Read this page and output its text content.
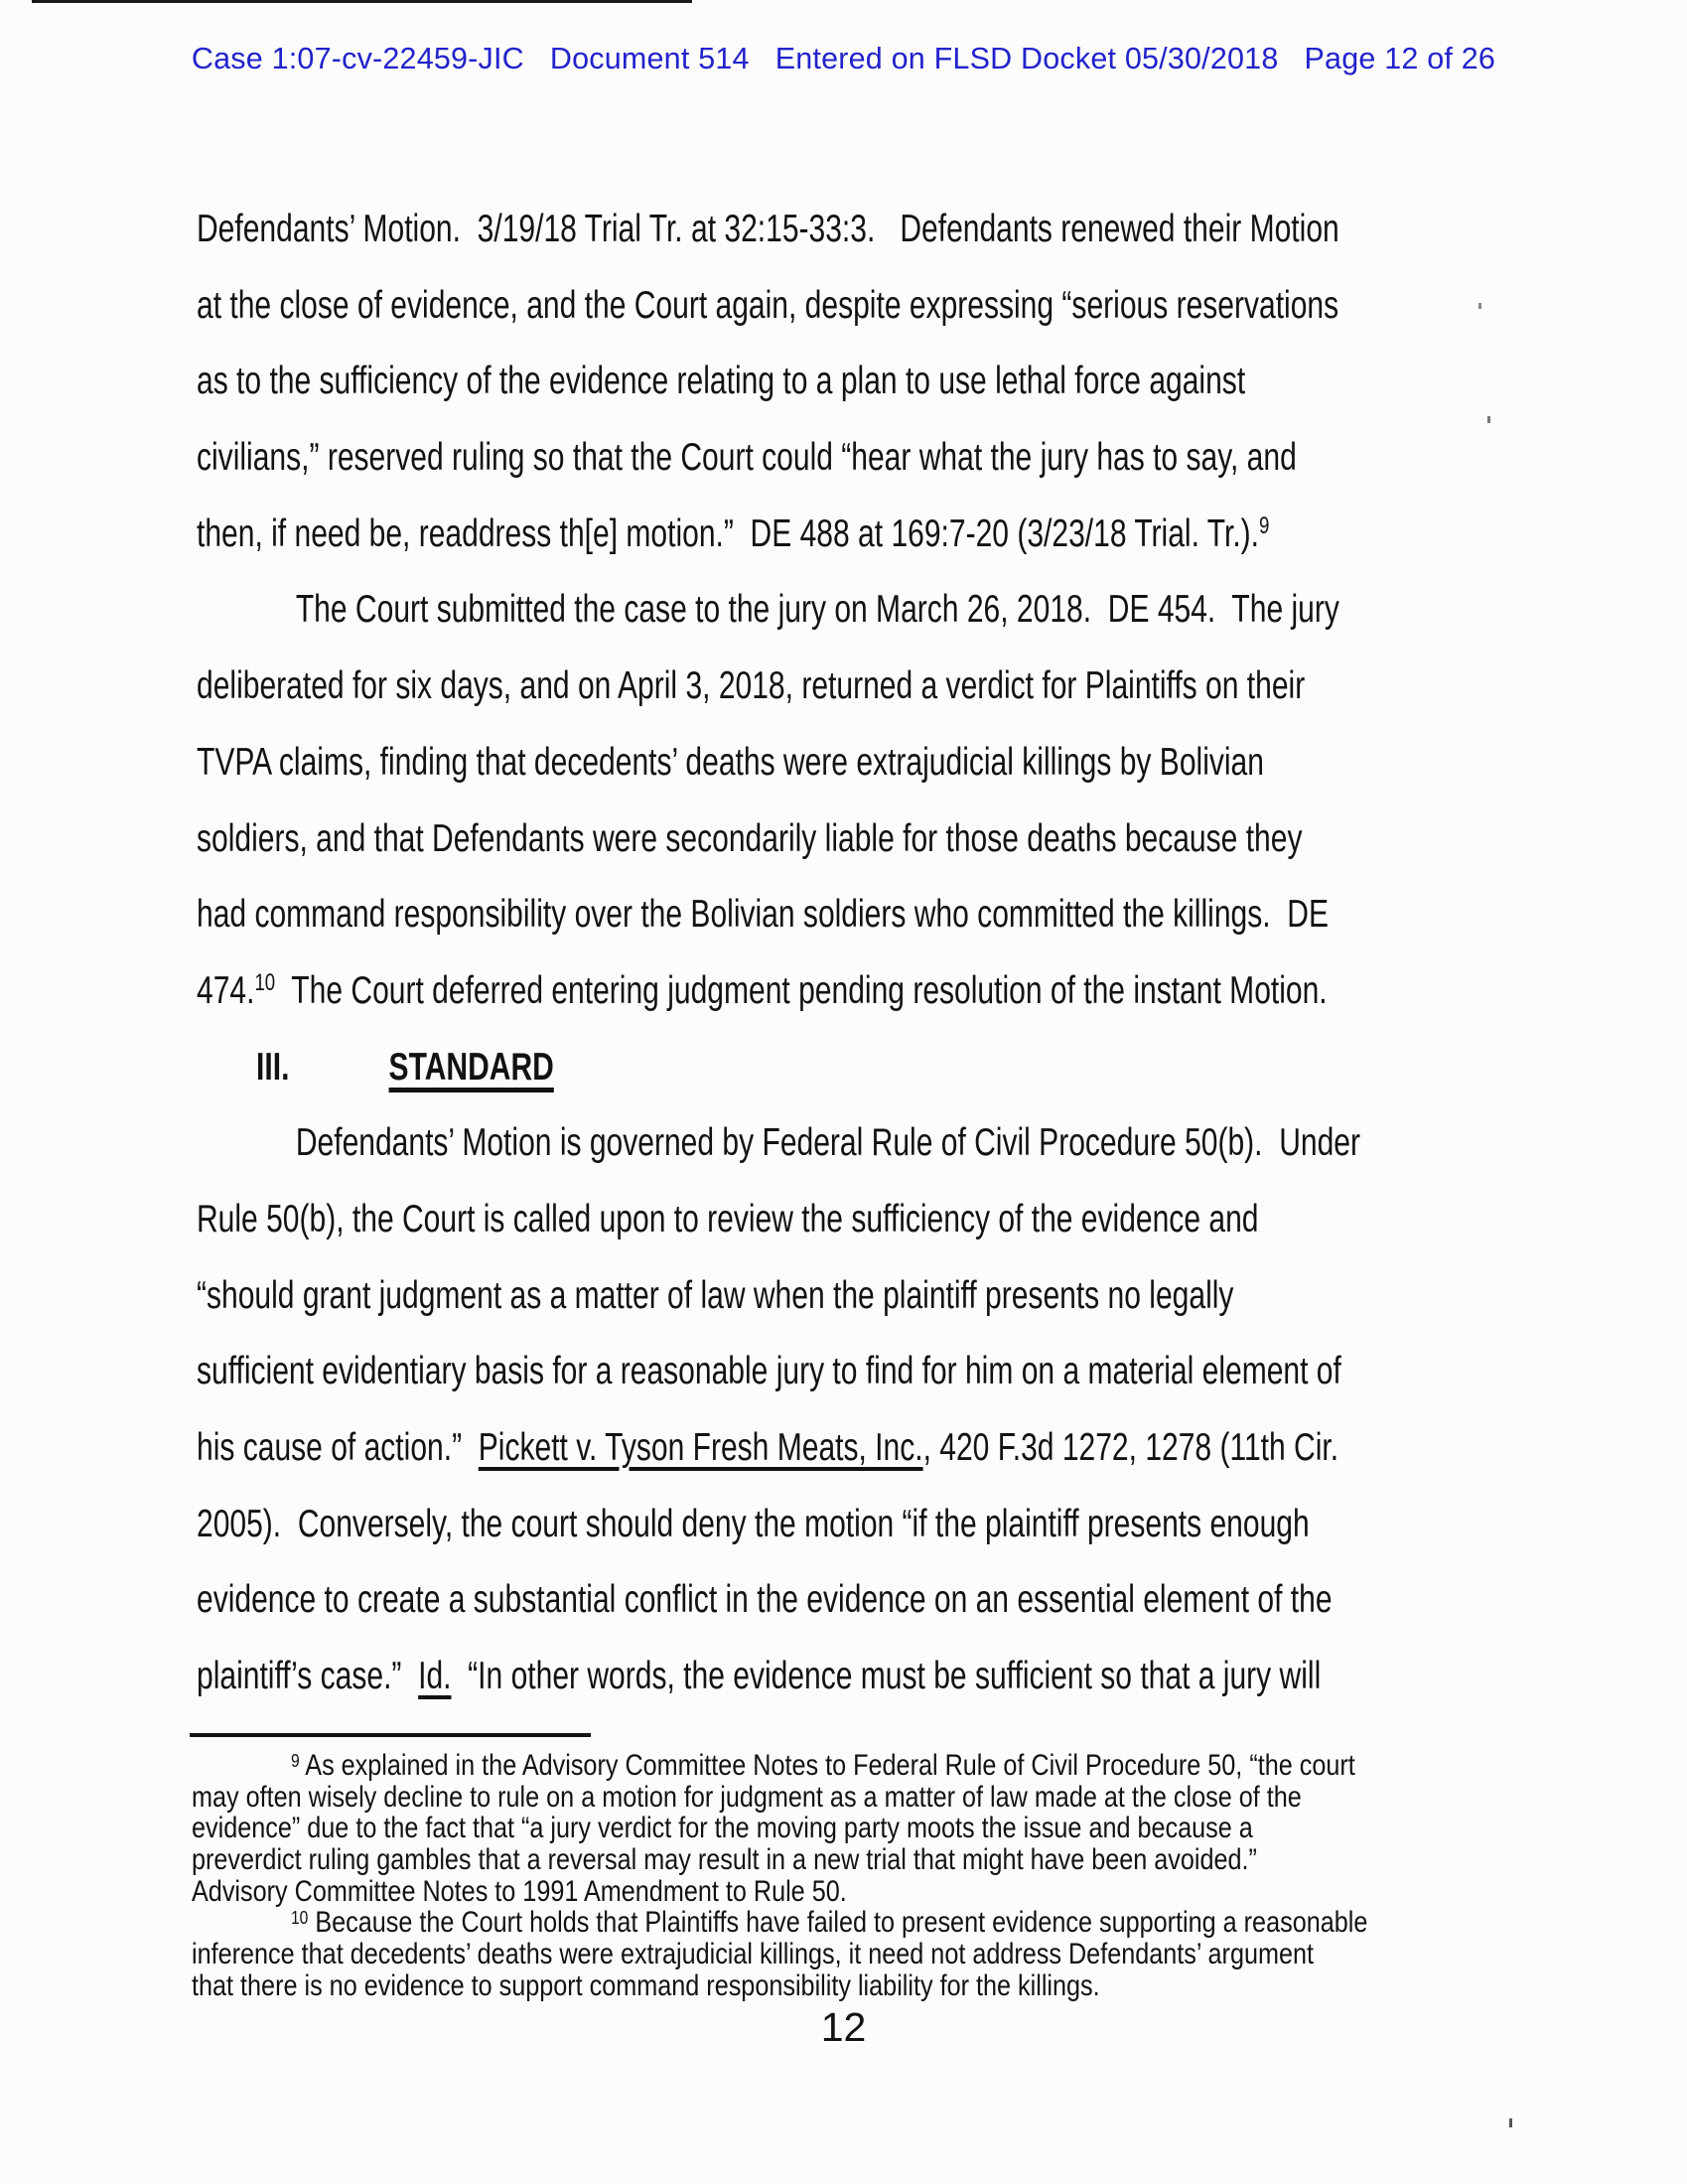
Case 1:07-cv-22459-JIC   Document 514   Entered on FLSD Docket 05/30/2018   Page 12 of 26
Defendants’ Motion.  3/19/18 Trial Tr. at 32:15-33:3.   Defendants renewed their Motion
at the close of evidence, and the Court again, despite expressing “serious reservations
as to the sufficiency of the evidence relating to a plan to use lethal force against
civilians,” reserved ruling so that the Court could “hear what the jury has to say, and
then, if need be, readdress th[e] motion.”  DE 488 at 169:7-20 (3/23/18 Trial. Tr.).$^9$
The Court submitted the case to the jury on March 26, 2018.  DE 454.  The jury
deliberated for six days, and on April 3, 2018, returned a verdict for Plaintiffs on their
TVPA claims, finding that decedents’ deaths were extrajudicial killings by Bolivian
soldiers, and that Defendants were secondarily liable for those deaths because they
had command responsibility over the Bolivian soldiers who committed the killings.  DE
474.10  The Court deferred entering judgment pending resolution of the instant Motion.
III.	STANDARD
Defendants’ Motion is governed by Federal Rule of Civil Procedure 50(b).  Under
Rule 50(b), the Court is called upon to review the sufficiency of the evidence and
“should grant judgment as a matter of law when the plaintiff presents no legally
sufficient evidentiary basis for a reasonable jury to find for him on a material element of
his cause of action.”  Pickett v. Tyson Fresh Meats, Inc., 420 F.3d 1272, 1278 (11th Cir.
2005).  Conversely, the court should deny the motion “if the plaintiff presents enough
evidence to create a substantial conflict in the evidence on an essential element of the
plaintiff’s case.”  Id.  “In other words, the evidence must be sufficient so that a jury will
$^9$ As explained in the Advisory Committee Notes to Federal Rule of Civil Procedure 50, “the court
may often wisely decline to rule on a motion for judgment as a matter of law made at the close of the
evidence” due to the fact that “a jury verdict for the moving party moots the issue and because a
preverdict ruling gambles that a reversal may result in a new trial that might have been avoided.”
Advisory Committee Notes to 1991 Amendment to Rule 50.
$^{10}$ Because the Court holds that Plaintiffs have failed to present evidence supporting a reasonable
inference that decedents’ deaths were extrajudicial killings, it need not address Defendants’ argument
that there is no evidence to support command responsibility liability for the killings.
12
